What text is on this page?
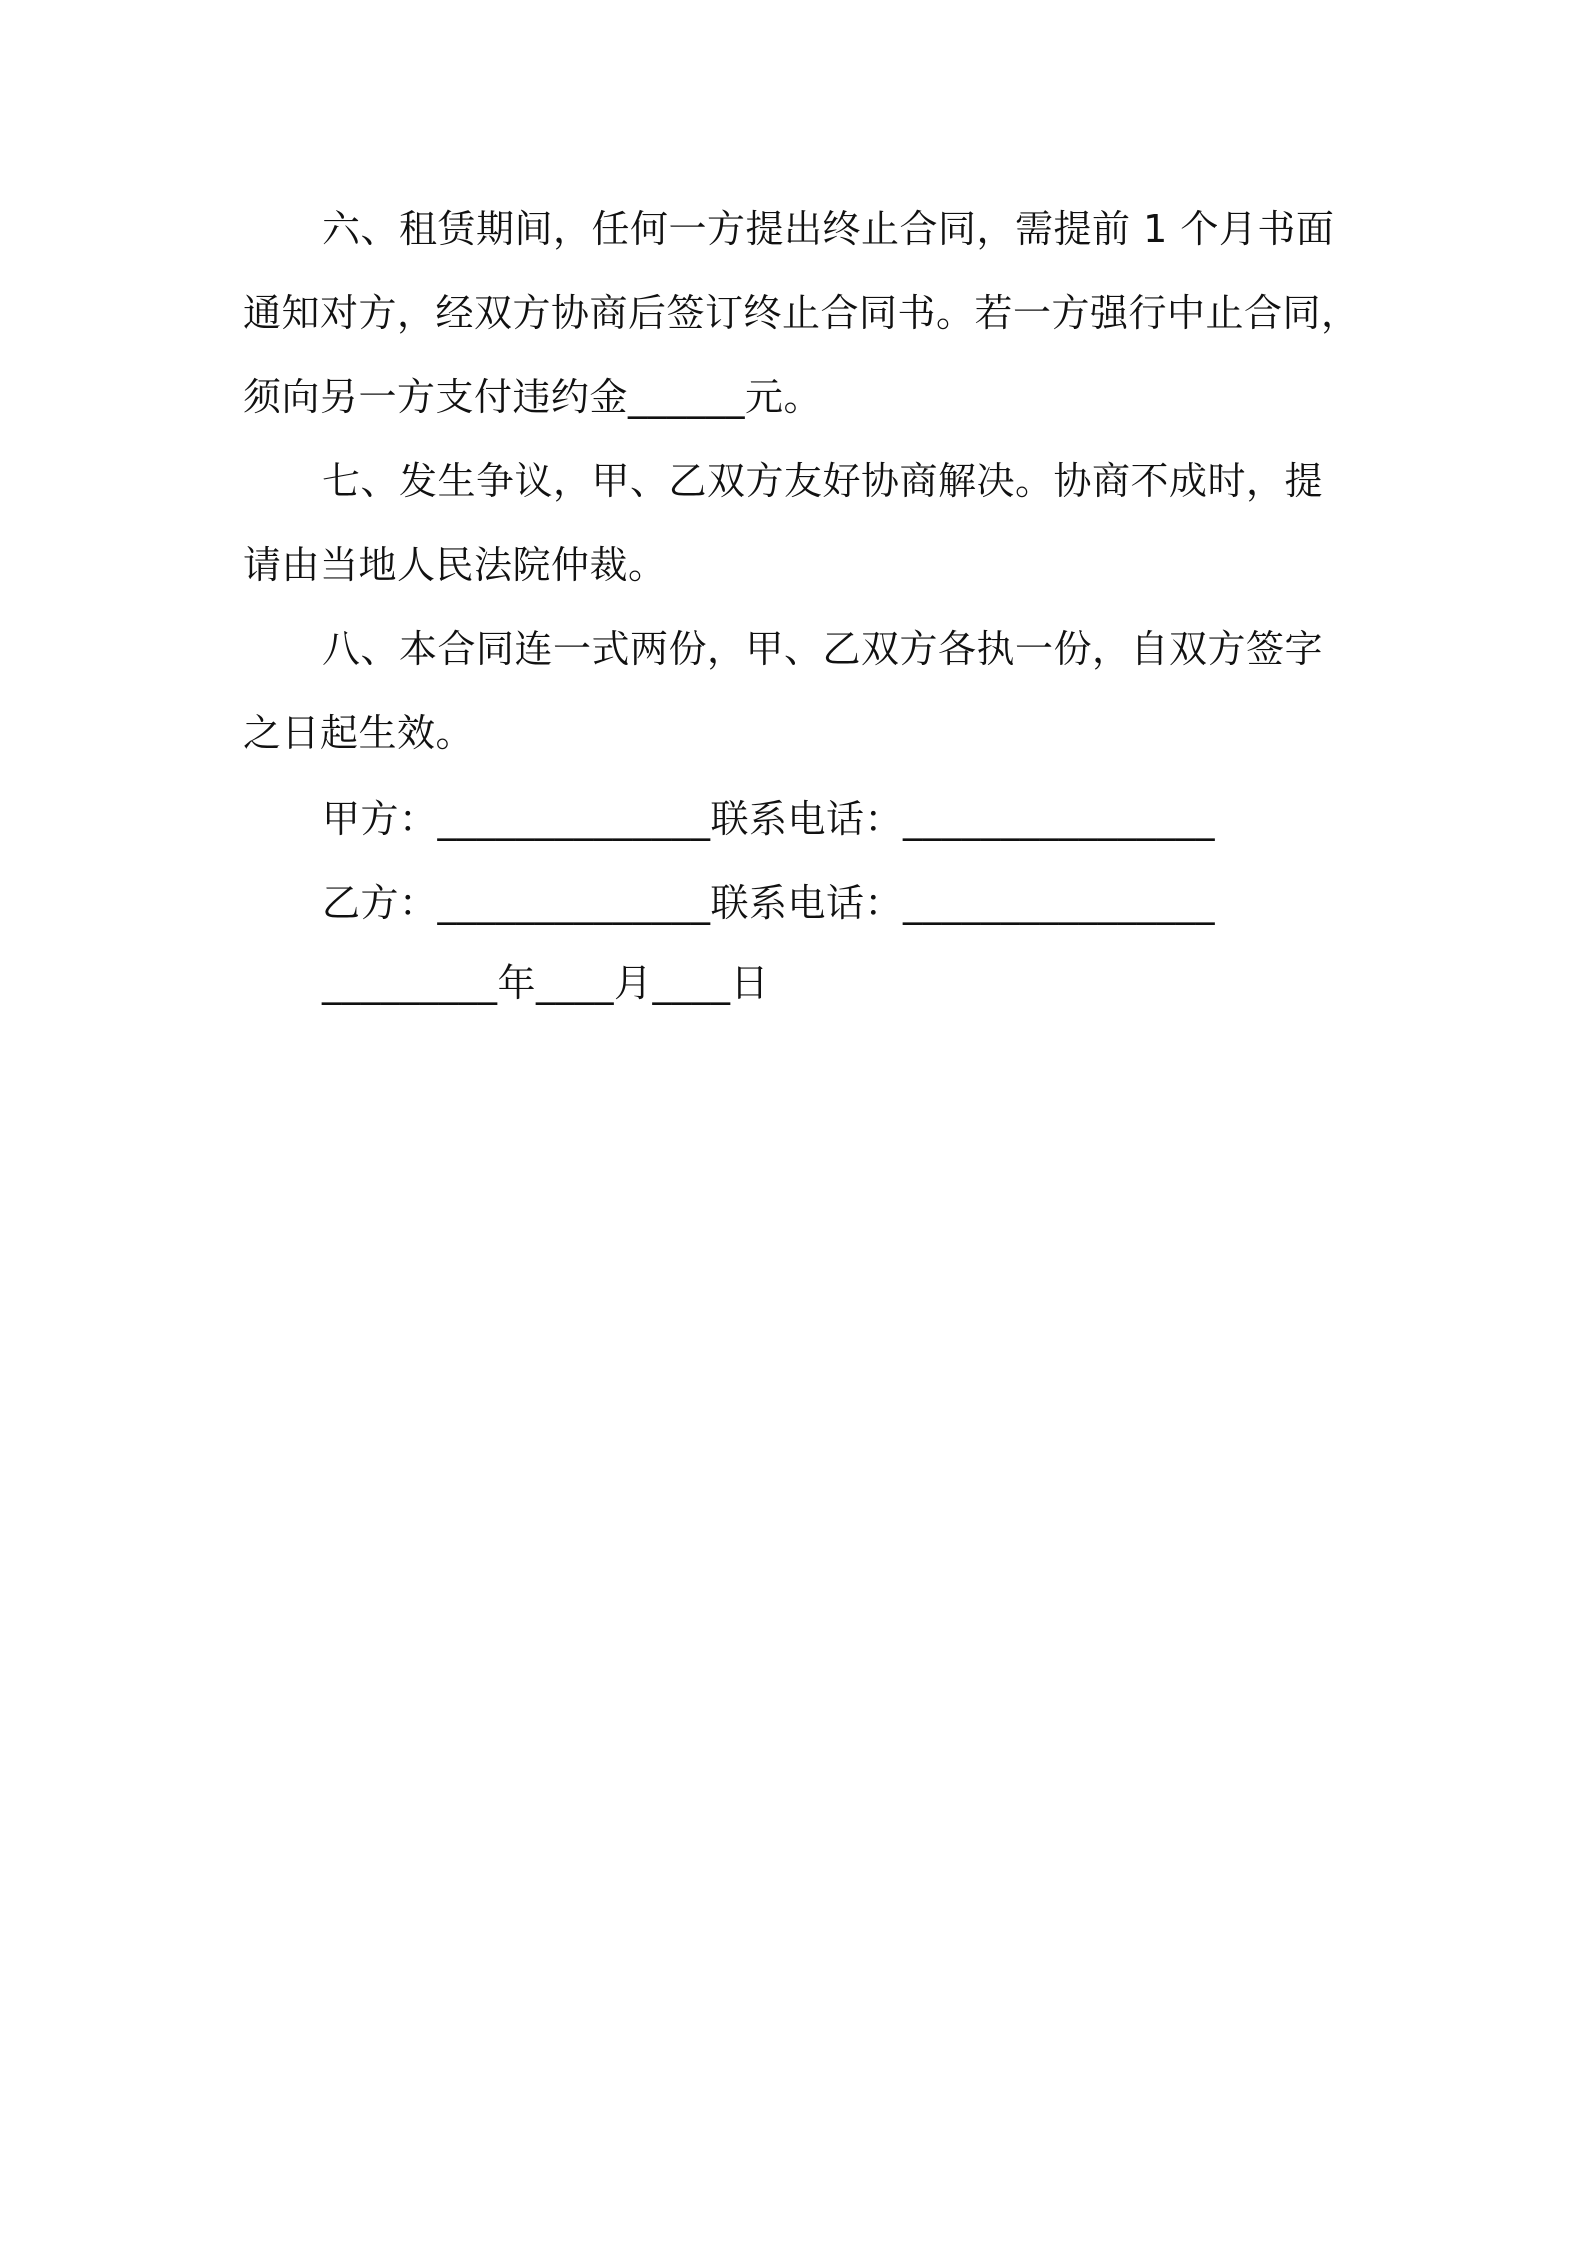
六、租赁期间，任何一方提出终止合同，需提前 1 个月书面
通知对方，经双方协商后签订终止合同书。若一方强行中止合同，
须向另一方支付违约金______元。
七、发生争议，甲、乙双方友好协商解决。协商不成时，提
请由当地人民法院仲裁。
八、本合同连一式两份，甲、乙双方各执一份，自双方签字
之日起生效。
甲方：______________联系电话：________________
乙方：______________联系电话：________________
_________年____月____日
